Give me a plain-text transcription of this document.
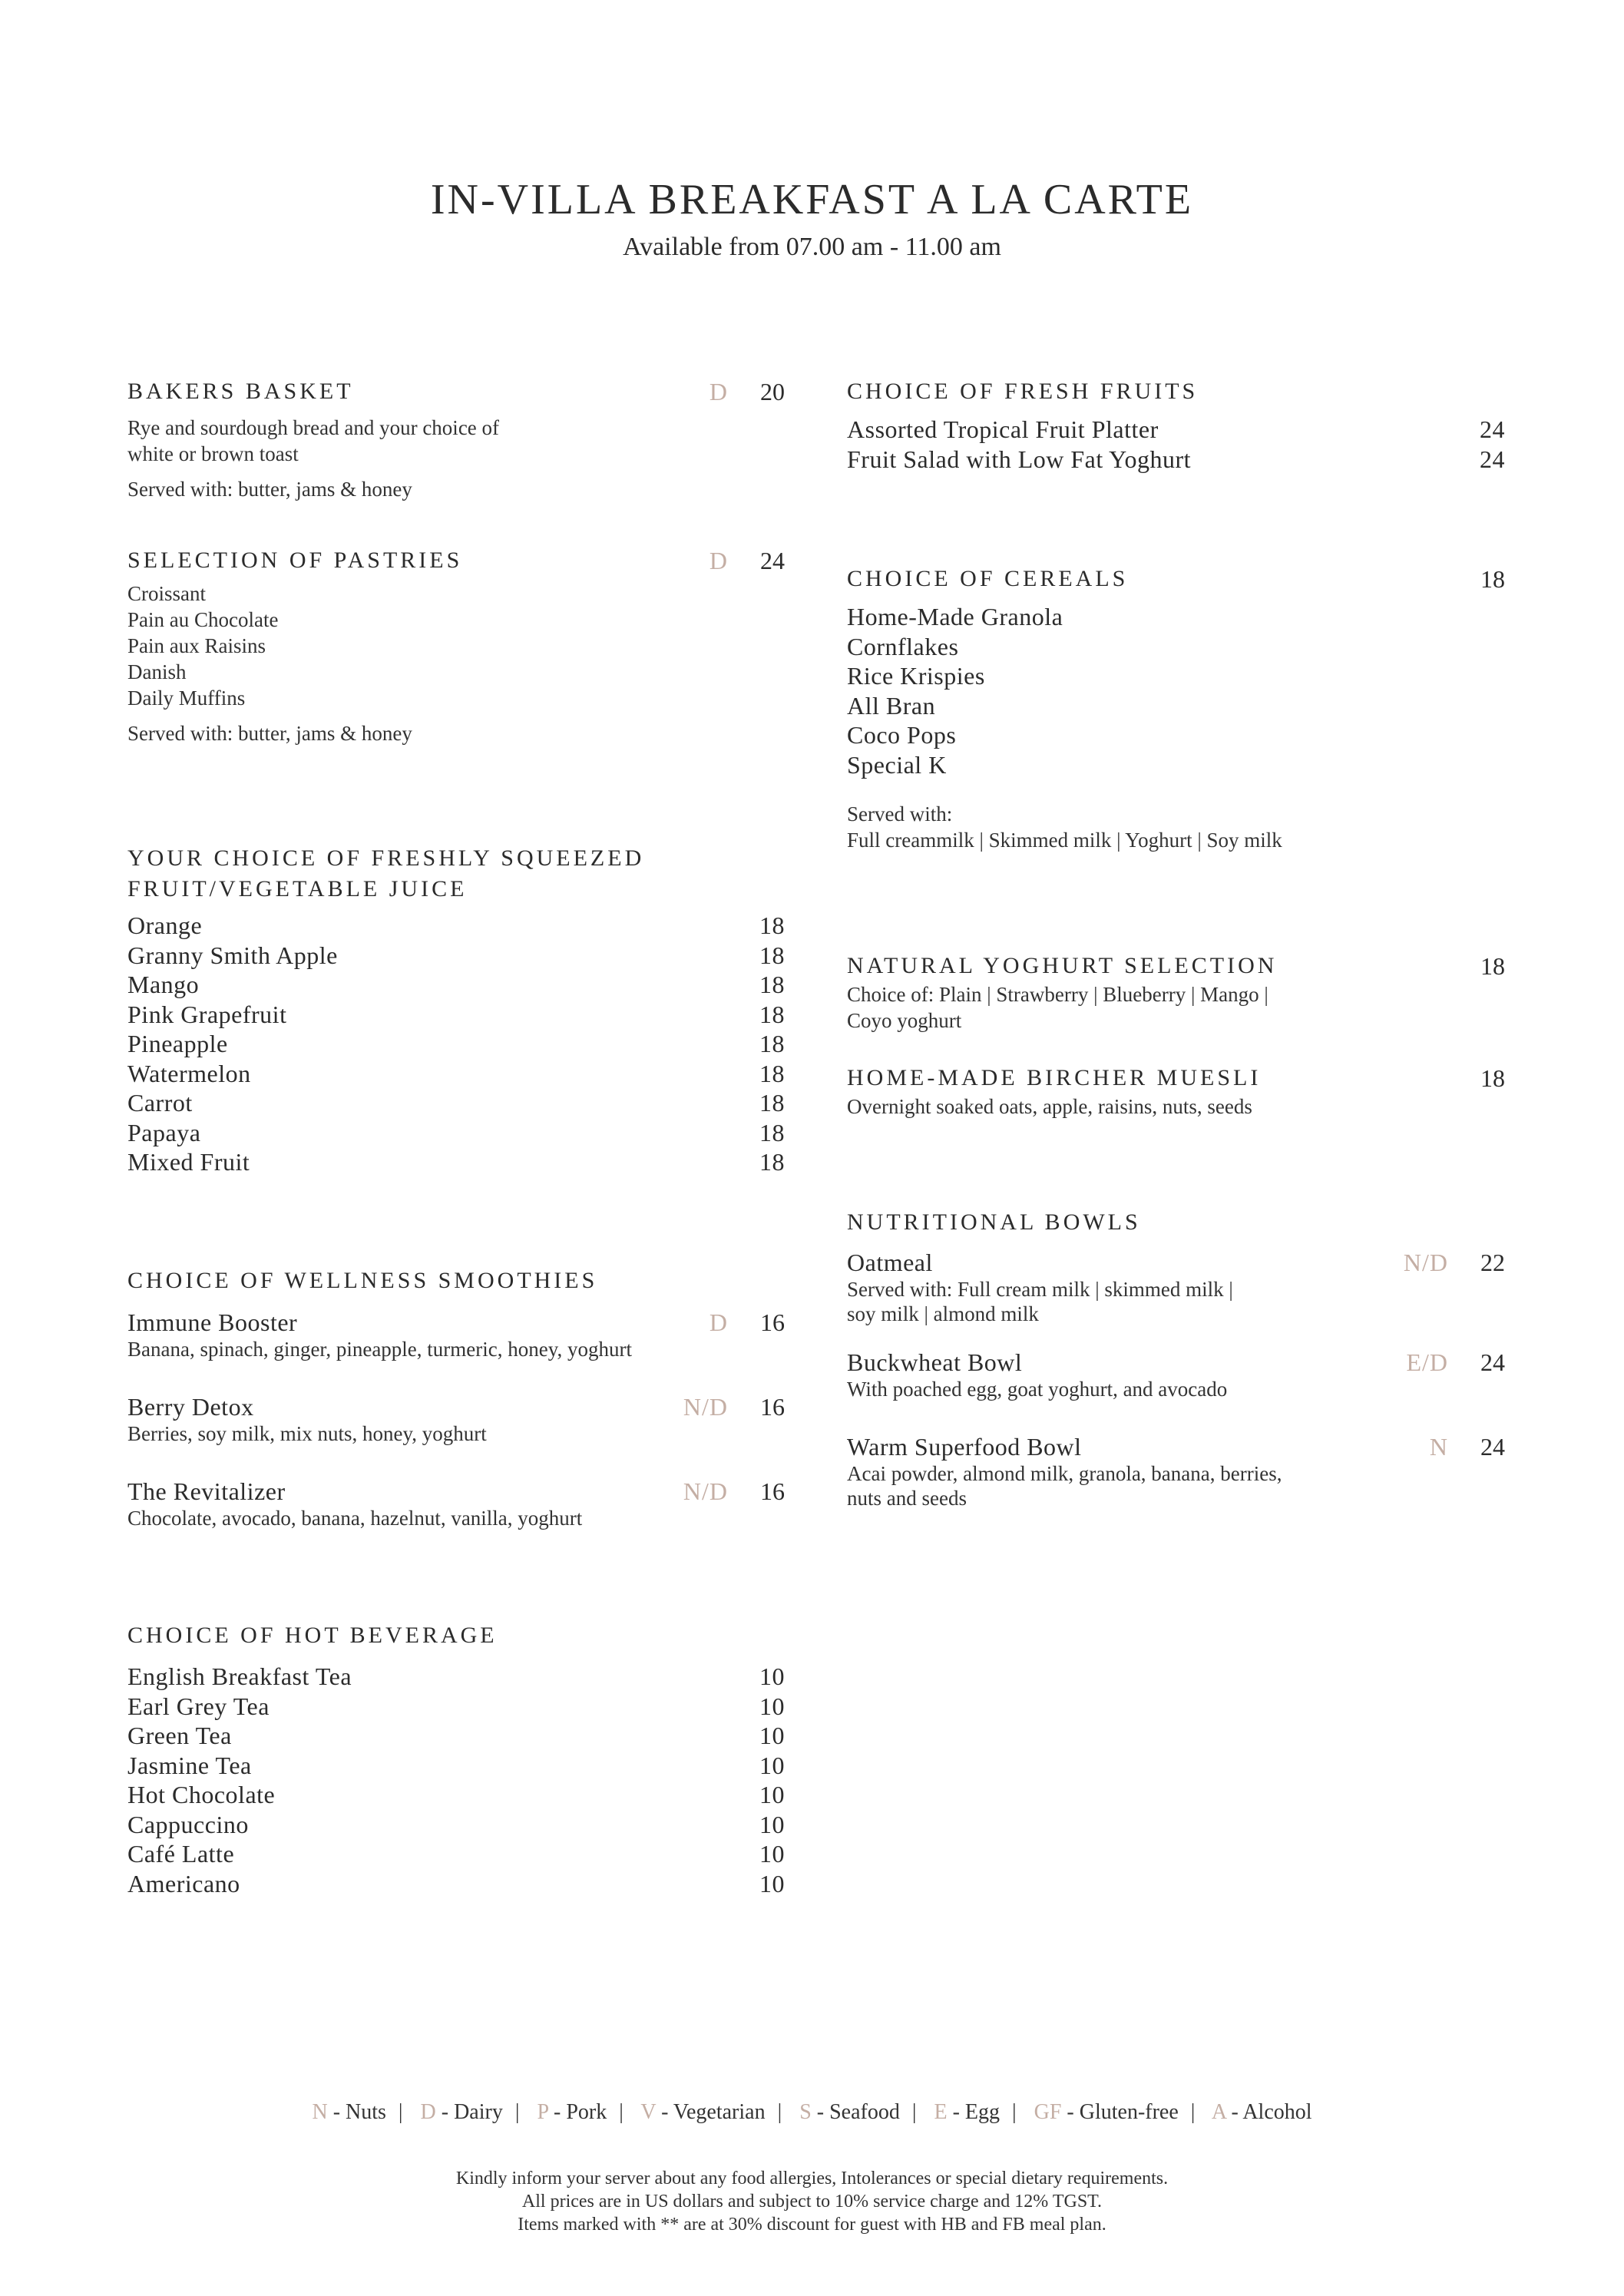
IN-VILLA BREAKFAST A LA CARTE
Available from 07.00 am - 11.00 am
BAKERS BASKET	D 20
Rye and sourdough bread and your choice of
white or brown toast
Served with: butter, jams & honey
SELECTION OF PASTRIES	D 24
Croissant
Pain au Chocolate
Pain aux Raisins
Danish
Daily Muffins
Served with: butter, jams & honey
YOUR CHOICE OF FRESHLY SQUEEZED
FRUIT/VEGETABLE JUICE
Orange	18
Granny Smith Apple	18
Mango	18
Pink Grapefruit	18
Pineapple	18
Watermelon	18
Carrot	18
Papaya	18
Mixed Fruit	18
CHOICE OF WELLNESS SMOOTHIES
Immune Booster	D 16
Banana, spinach, ginger, pineapple, turmeric, honey, yoghurt
Berry Detox	N/D 16
Berries, soy milk, mix nuts, honey, yoghurt
The Revitalizer	N/D 16
Chocolate, avocado, banana, hazelnut, vanilla, yoghurt
CHOICE OF HOT BEVERAGE
English Breakfast Tea	10
Earl Grey Tea	10
Green Tea	10
Jasmine Tea	10
Hot Chocolate	10
Cappuccino	10
Café Latte	10
Americano	10
CHOICE OF FRESH FRUITS
Assorted Tropical Fruit Platter	24
Fruit Salad with Low Fat Yoghurt	24
CHOICE OF CEREALS	18
Home-Made Granola
Cornflakes
Rice Krispies
All Bran
Coco Pops
Special K
Served with:
Full creammilk | Skimmed milk | Yoghurt | Soy milk
NATURAL YOGHURT SELECTION	18
Choice of: Plain | Strawberry | Blueberry | Mango |
Coyo yoghurt
HOME-MADE BIRCHER MUESLI	18
Overnight soaked oats, apple, raisins, nuts, seeds
NUTRITIONAL BOWLS
Oatmeal	N/D 22
Served with: Full cream milk | skimmed milk |
soy milk | almond milk
Buckwheat Bowl	E/D 24
With poached egg, goat yoghurt, and avocado
Warm Superfood Bowl	N 24
Acai powder, almond milk, granola, banana, berries,
nuts and seeds
N - Nuts | D - Dairy | P - Pork | V - Vegetarian | S - Seafood | E - Egg | GF - Gluten-free | A - Alcohol
Kindly inform your server about any food allergies, Intolerances or special dietary requirements.
All prices are in US dollars and subject to 10% service charge and 12% TGST.
Items marked with ** are at 30% discount for guest with HB and FB meal plan.
